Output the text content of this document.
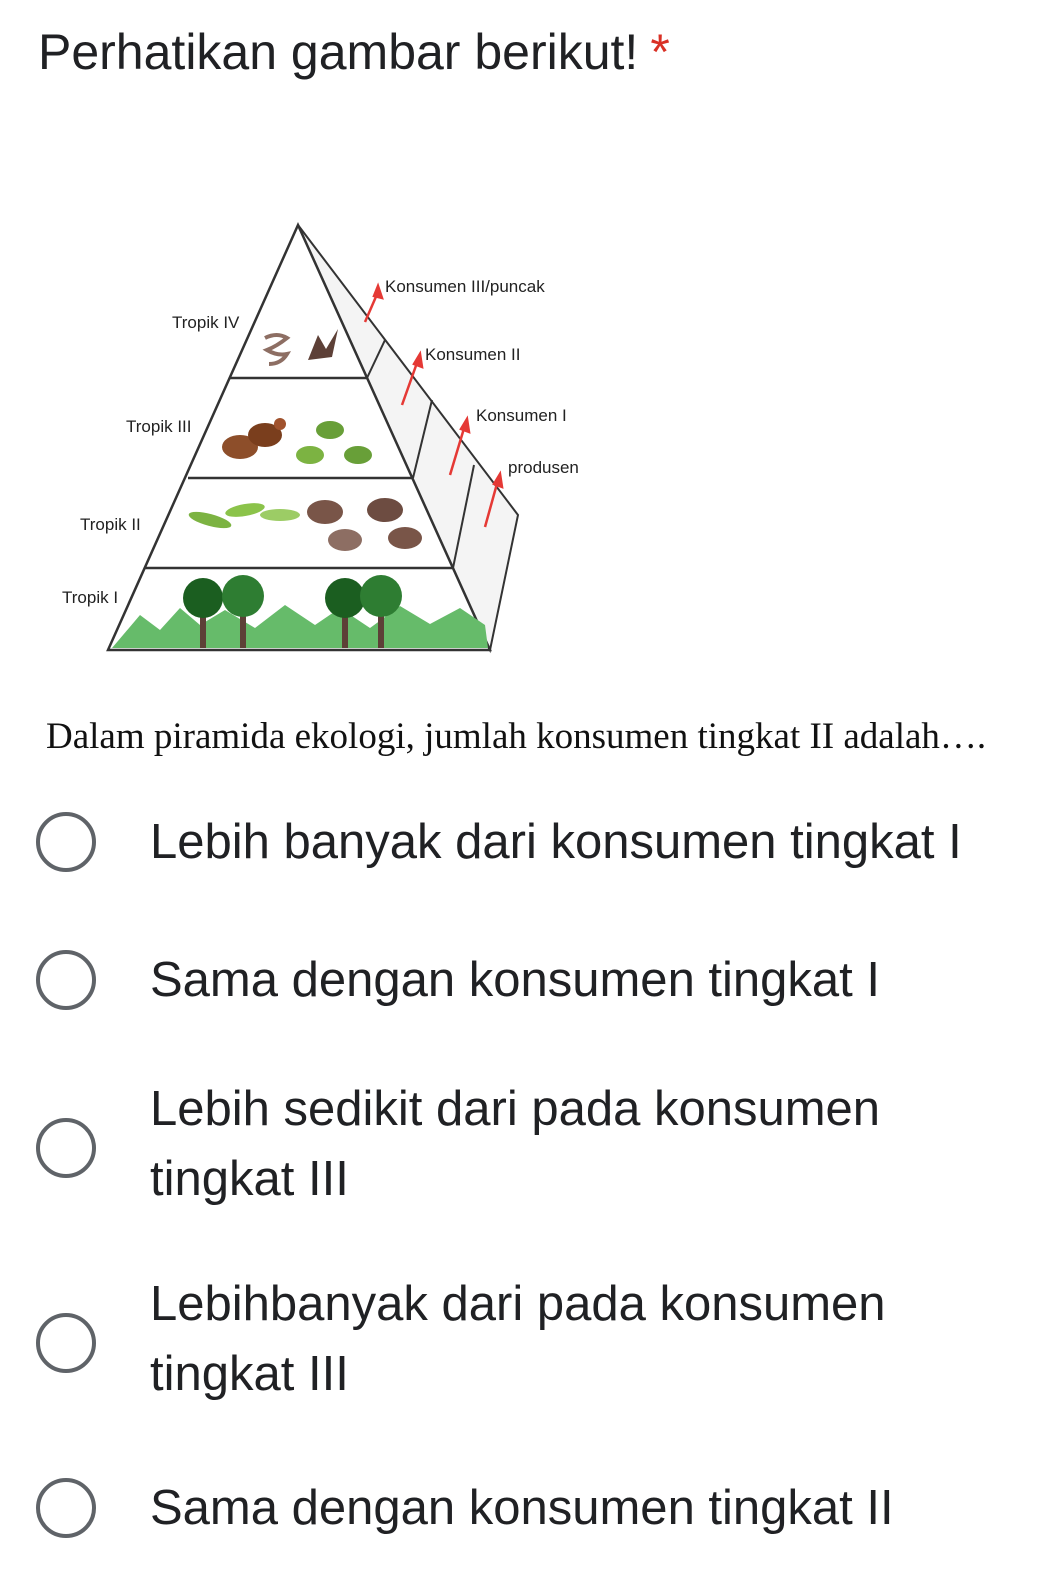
Perhatikan gambar berikut! *
Tropik IV
Tropik III
Tropik II
Tropik I
Konsumen III/puncak
Konsumen II
Konsumen I
produsen
Dalam piramida ekologi, jumlah konsumen tingkat II adalah….
Lebih banyak dari konsumen tingkat I
Sama dengan konsumen tingkat I
Lebih sedikit dari pada konsumen tingkat III
Lebihbanyak dari pada konsumen tingkat III
Sama dengan konsumen tingkat II
